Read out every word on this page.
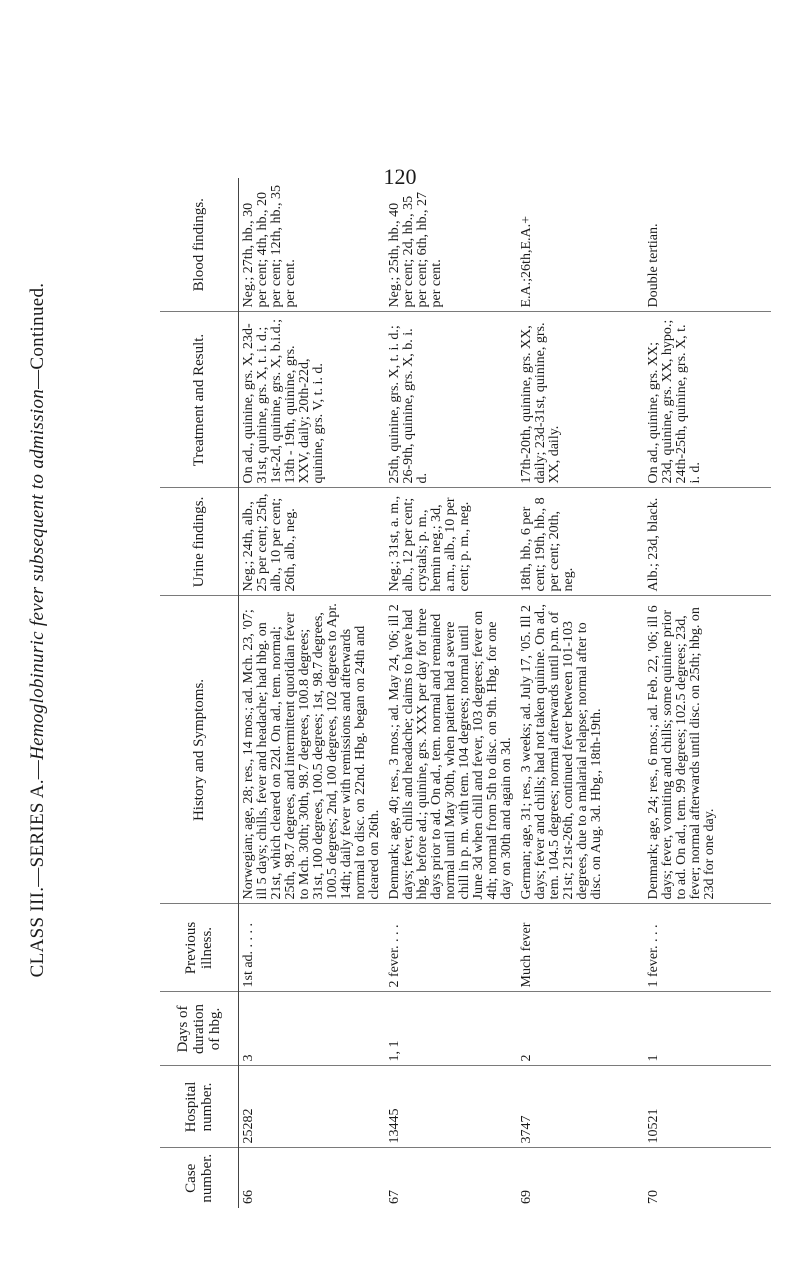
120
CLASS III.—SERIES A.—Hemoglobinuric fever subsequent to admission—Continued.
Case number.	Hospital number.	Days of duration of hbg.	Previous illness.	History and Symptoms.	Urine findings.	Treatment and Result.	Blood findings.
66	25282	3	1st ad. . . . .	Norwegian; age, 28; res., 14 mos.; ad. Mch. 23, '07; ill 5 days; chills, fever and headache; had hbg. on 21st, which cleared on 22d. On ad., tem. normal; 25th, 98.7 degrees, and intermittent quotidian fever to Mch. 30th; 30th, 98.7 degrees, 100.8 degrees; 31st, 100 degrees, 100.5 degrees; 1st, 98.7 degrees, 100.5 degrees; 2nd, 100 degrees, 102 degrees to Apr. 14th; daily fever with remissions and afterwards normal to disc. on 22nd. Hbg. began on 24th and cleared on 26th.	Neg.; 24th, alb., 25 per cent; 25th, alb., 10 per cent; 26th, alb., neg.	On ad., quinine, grs. X, 23d-31st, quinine, grs. X, t. i. d.; 1st-2d, quinine, grs. X, b.i.d.; 13th - 19th, quinine, grs. XXV, daily; 20th-22d, quinine, grs. V, t. i. d.	Neg.; 27th, hb., 30 per cent; 4th, hb., 20 per cent; 12th, hb., 35 per cent.
67	13445	1, 1	2 fever. . . .	Denmark; age, 40; res., 3 mos.; ad. May 24, '06; ill 2 days; fever, chills and headache; claims to have had hbg. before ad.; quinine, grs. XXX per day for three days prior to ad. On ad., tem. normal and remained normal until May 30th, when patient had a severe chill in p. m. with tem. 104 degrees; normal until June 3d when chill and fever, 103 degrees; fever on 4th; normal from 5th to disc. on 9th. Hbg. for one day on 30th and again on 3d.	Neg.; 31st, a. m., alb., 12 per cent; crystals; p. m., hemin neg.; 3d, a.m., alb., 10 per cent; p. m., neg.	25th, quinine, grs. X, t. i. d.; 26-9th, quinine, grs. X, b. i. d.	Neg.; 25th, hb., 40 per cent; 2d, hb., 35 per cent; 6th, hb., 27 per cent.
69	3747	2	Much fever	German; age, 31; res., 3 weeks; ad. July 17, '05. Ill 2 days; fever and chills; had not taken quinine. On ad., tem. 104.5 degrees; normal afterwards until p.m. of 21st; 21st-26th, continued fever between 101-103 degrees, due to a malarial relapse; normal after to disc. on Aug. 3d. Hbg., 18th-19th.	18th, hb., 6 per cent; 19th, hb., 8 per cent; 20th, neg.	17th-20th, quinine, grs. XX, daily; 23d-31st, quinine, grs. XX, daily.	E.A.;26th,E.A.+
70	10521	1	1 fever. . . .	Denmark; age, 24; res., 6 mos.; ad. Feb. 22, '06; ill 6 days; fever, vomiting and chills; some quinine prior to ad. On ad., tem. 99 degrees; 102.5 degrees; 23d, fever; normal afterwards until disc. on 25th; hbg. on 23d for one day.	Alb.; 23d, black.	On ad., quinine, grs. XX; 23d, quinine, grs. XX, hypo.; 24th-25th, quinine, grs. X, t. i. d.	Double tertian.
